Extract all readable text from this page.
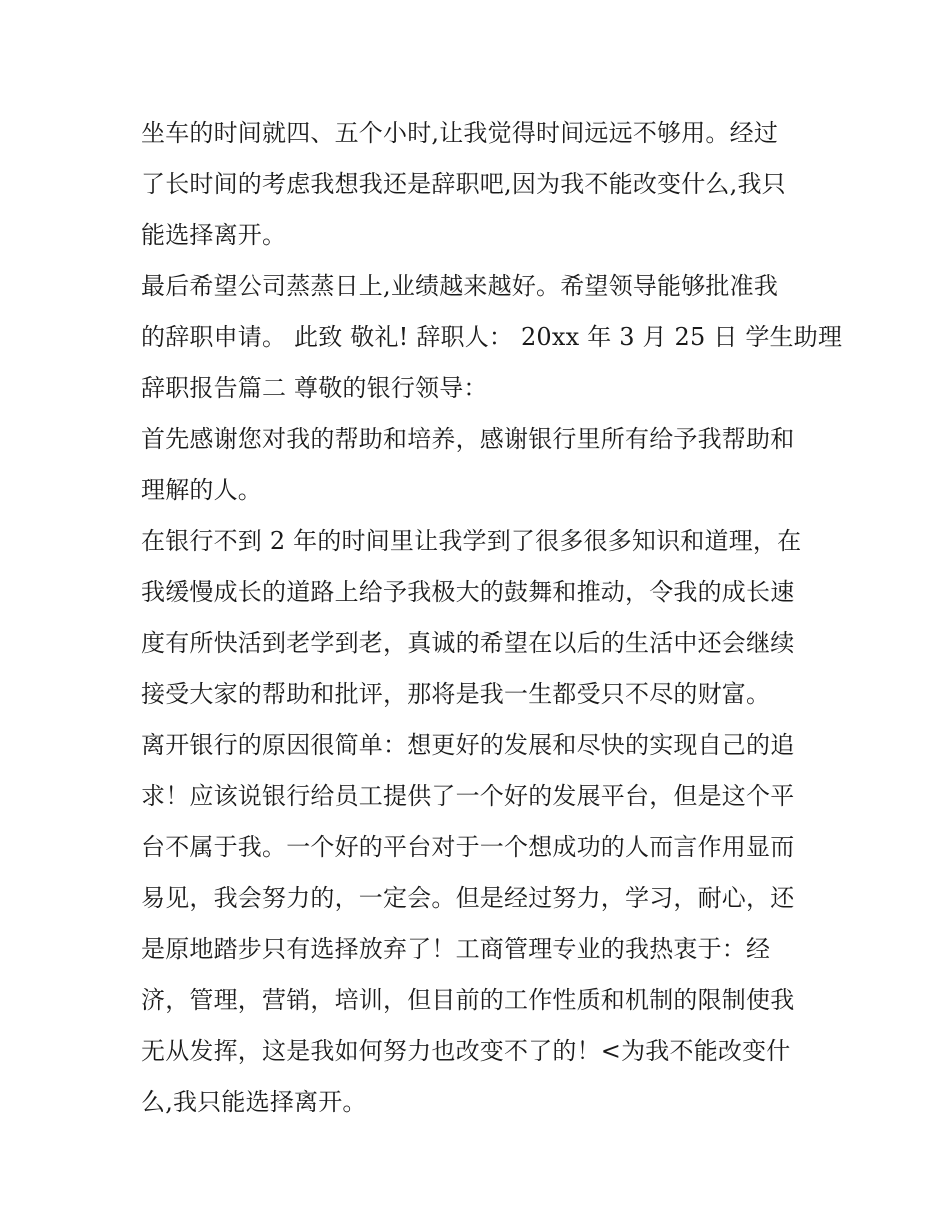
坐车的时间就四、五个小时,让我觉得时间远远不够用。经过
了长时间的考虑我想我还是辞职吧,因为我不能改变什么,我只
能选择离开。
最后希望公司蒸蒸日上,业绩越来越好。希望领导能够批准我
的辞职申请。 此致 敬礼! 辞职人： 20xx 年 3 月 25 日 学生助理
辞职报告篇二 尊敬的银行领导：
首先感谢您对我的帮助和培养，感谢银行里所有给予我帮助和
理解的人。
在银行不到 2 年的时间里让我学到了很多很多知识和道理，在
我缓慢成长的道路上给予我极大的鼓舞和推动，令我的成长速
度有所快活到老学到老，真诚的希望在以后的生活中还会继续
接受大家的帮助和批评，那将是我一生都受只不尽的财富。
离开银行的原因很简单：想更好的发展和尽快的实现自己的追
求！应该说银行给员工提供了一个好的发展平台，但是这个平
台不属于我。一个好的平台对于一个想成功的人而言作用显而
易见，我会努力的，一定会。但是经过努力，学习，耐心，还
是原地踏步只有选择放弃了！工商管理专业的我热衷于：经
济，管理，营销，培训，但目前的工作性质和机制的限制使我
无从发挥，这是我如何努力也改变不了的！<为我不能改变什
么,我只能选择离开。
